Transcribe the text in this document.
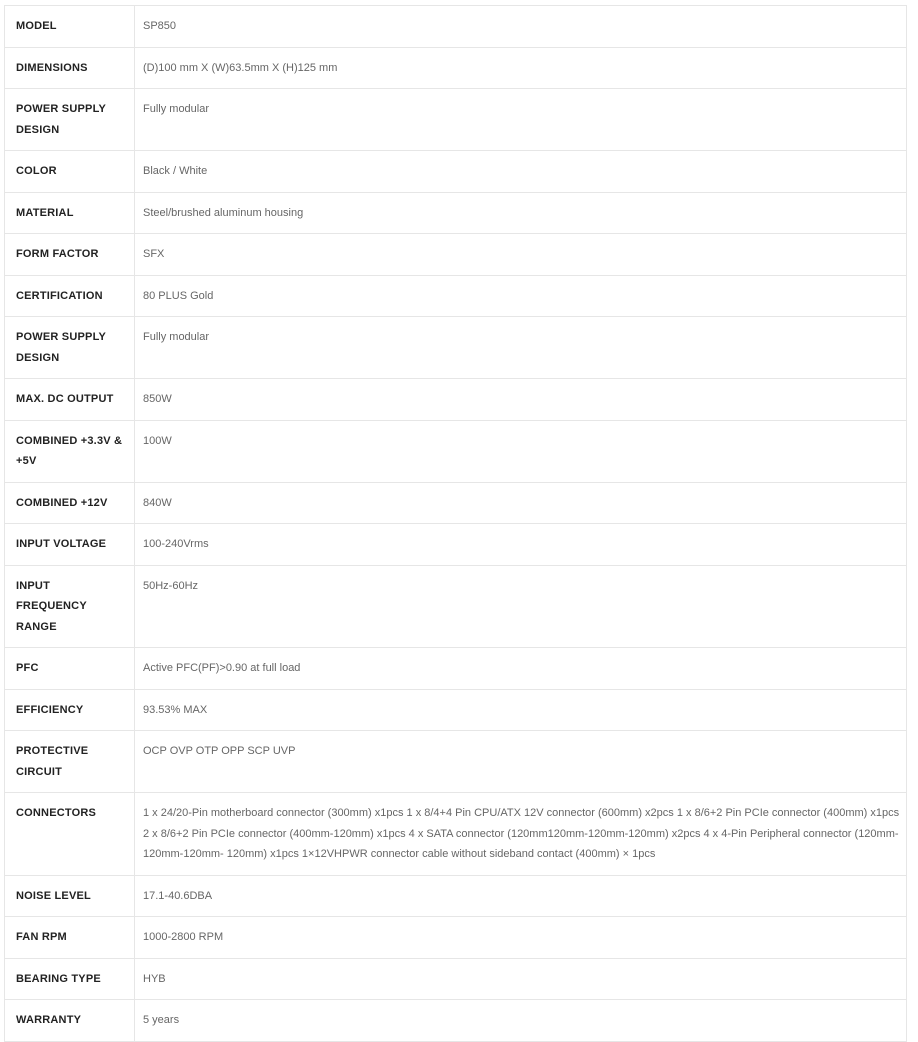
MODEL	SP850
DIMENSIONS	(D)100 mm X (W)63.5mm X (H)125 mm
POWER SUPPLY DESIGN	Fully modular
COLOR	Black / White
MATERIAL	Steel/brushed aluminum housing
FORM FACTOR	SFX
CERTIFICATION	80 PLUS Gold
POWER SUPPLY DESIGN	Fully modular
MAX. DC OUTPUT	850W
COMBINED +3.3V & +5V	100W
COMBINED +12V	840W
INPUT VOLTAGE	100-240Vrms
INPUT FREQUENCY RANGE	50Hz-60Hz
PFC	Active PFC(PF)>0.90 at full load
EFFICIENCY	93.53% MAX
PROTECTIVE CIRCUIT	OCP OVP OTP OPP SCP UVP
CONNECTORS	1 x 24/20-Pin motherboard connector (300mm) x1pcs 1 x 8/4+4 Pin CPU/ATX 12V connector (600mm) x2pcs 1 x 8/6+2 Pin PCIe connector (400mm) x1pcs 2 x 8/6+2 Pin PCIe connector (400mm-120mm) x1pcs 4 x SATA connector (120mm120mm-120mm-120mm) x2pcs 4 x 4-Pin Peripheral connector (120mm-120mm-120mm- 120mm) x1pcs 1×12VHPWR connector cable without sideband contact (400mm) × 1pcs
NOISE LEVEL	17.1-40.6DBA
FAN RPM	1000-2800 RPM
BEARING TYPE	HYB
WARRANTY	5 years
